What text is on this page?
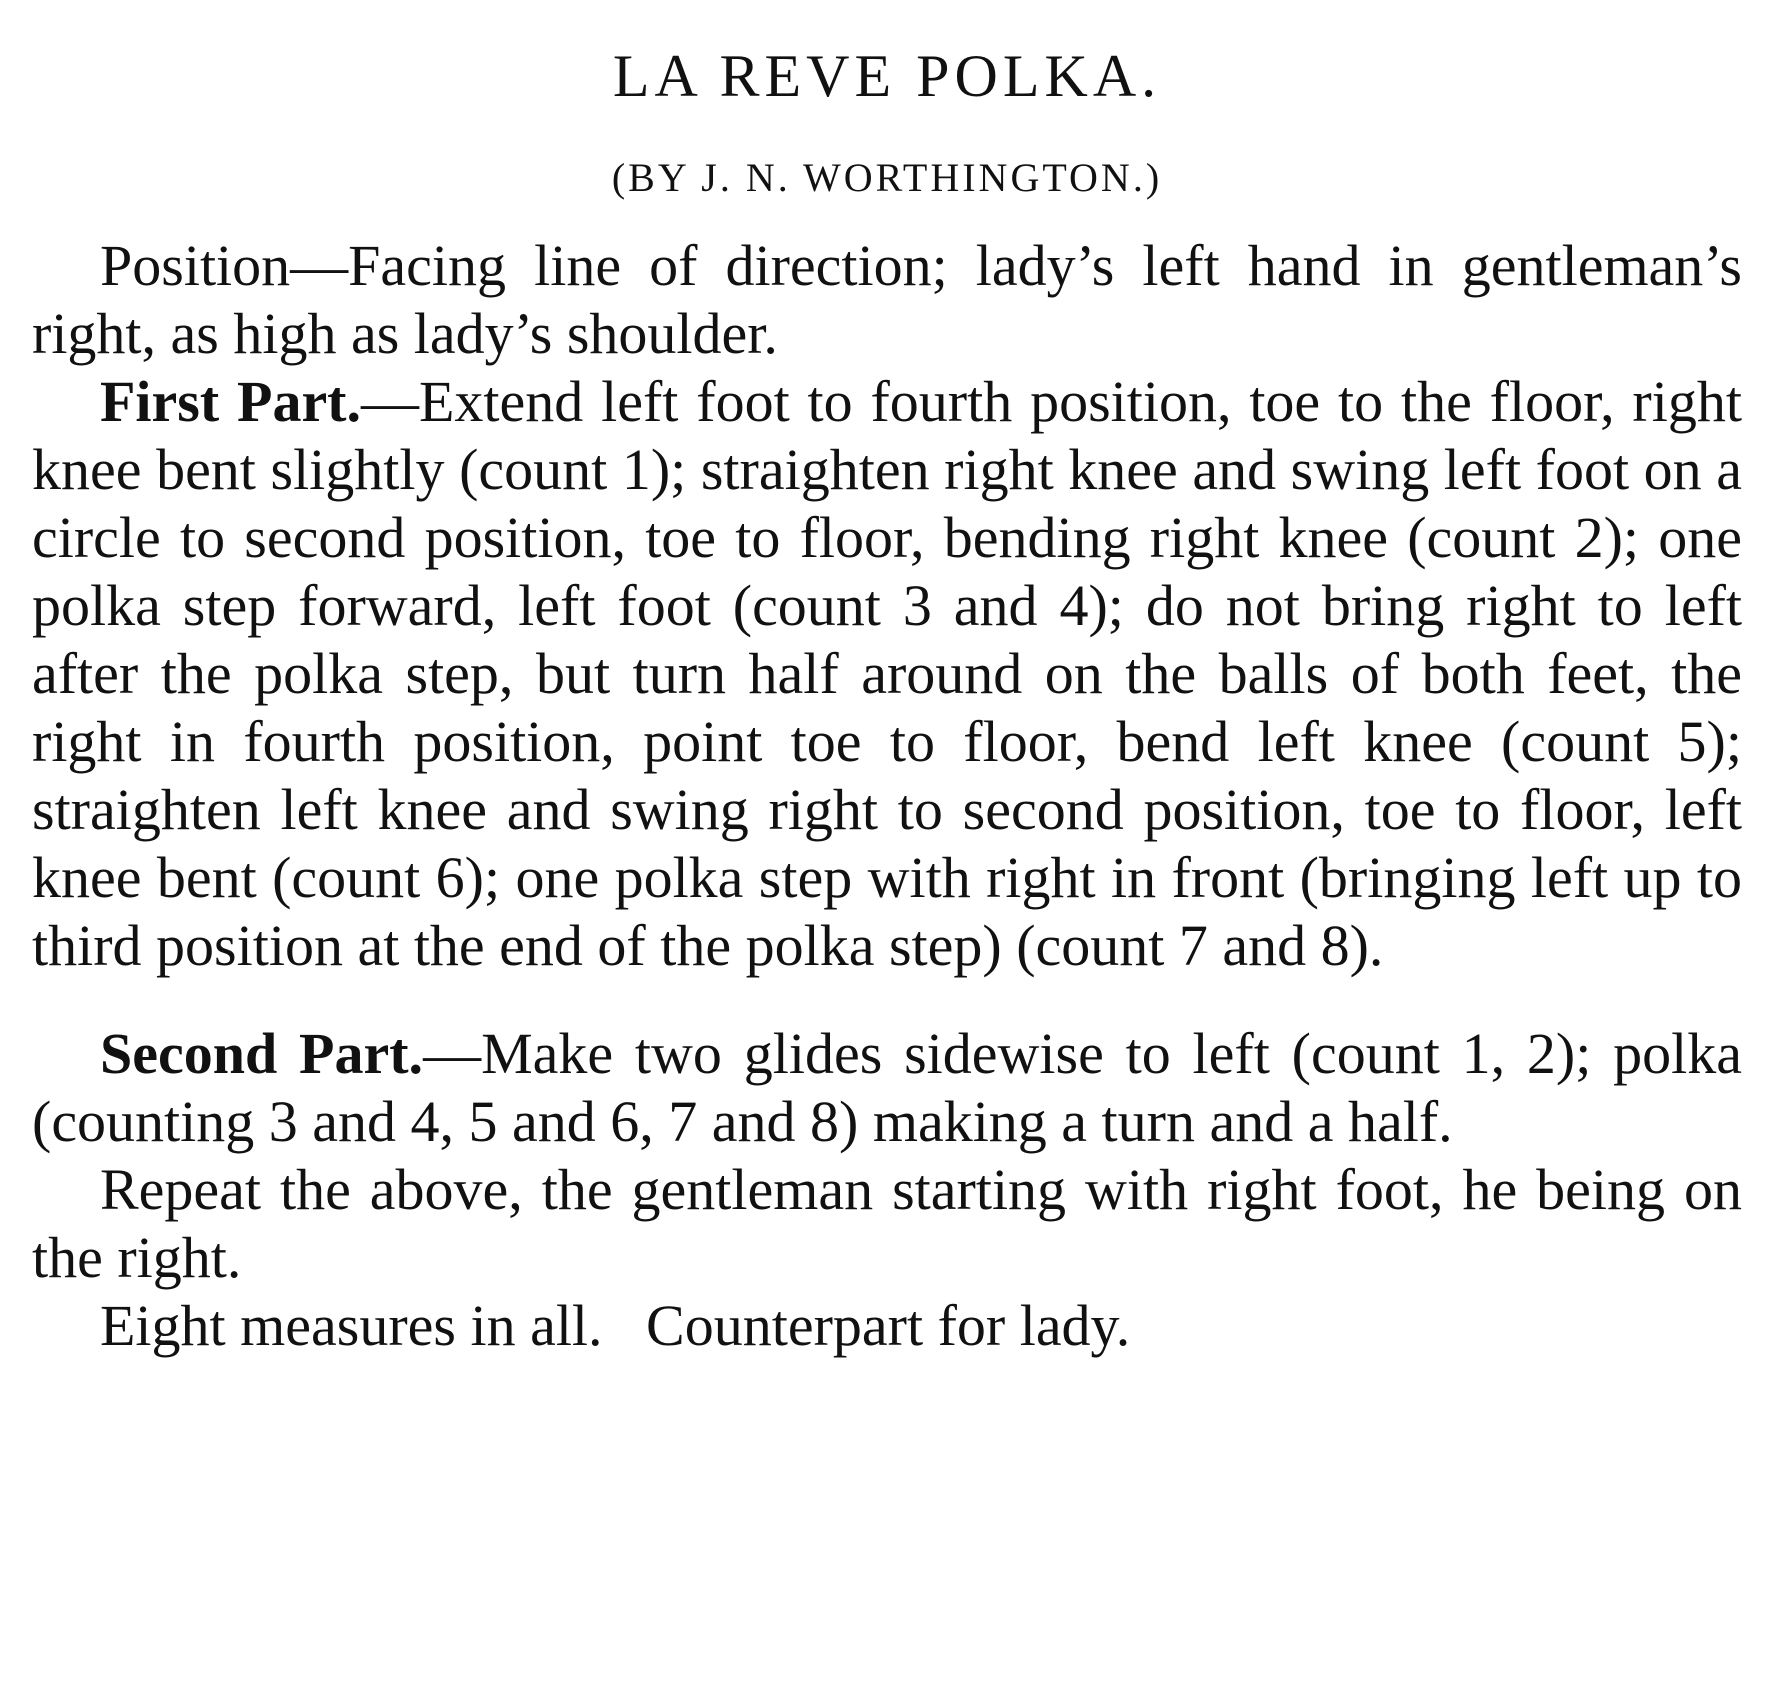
LA REVE POLKA.
(BY J. N. WORTHINGTON.)

Position—Facing line of direction; lady’s left hand in gentleman’s right, as high as lady’s shoulder.

First Part.—Extend left foot to fourth position, toe to the floor, right knee bent slightly (count 1); straighten right knee and swing left foot on a circle to second position, toe to floor, bending right knee (count 2); one polka step forward, left foot (count 3 and 4); do not bring right to left after the polka step, but turn half around on the balls of both feet, the right in fourth position, point toe to floor, bend left knee (count 5); straighten left knee and swing right to second position, toe to floor, left knee bent (count 6); one polka step with right in front (bringing left up to third position at the end of the polka step) (count 7 and 8).

Second Part.—Make two glides sidewise to left (count 1, 2); polka (counting 3 and 4, 5 and 6, 7 and 8) making a turn and a half.

Repeat the above, the gentleman starting with right foot, he being on the right.

Eight measures in all.   Counterpart for lady.
